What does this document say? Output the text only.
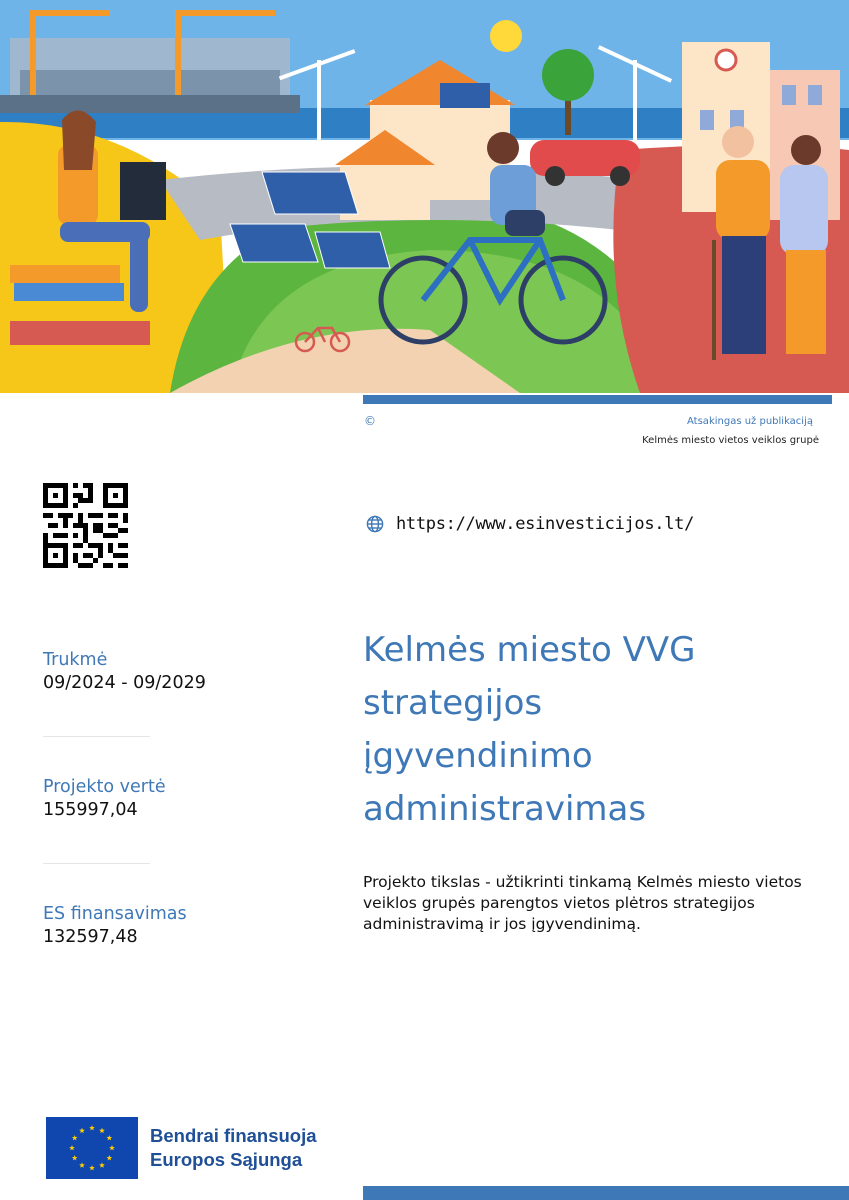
©	Atsakingas už publikaciją
Kelmės miesto vietos veiklos grupė
https://www.esinvesticijos.lt/
Kelmės miesto VVG
strategijos
įgyvendinimo
administravimas
Projekto tikslas - užtikrinti tinkamą Kelmės miesto vietos veiklos grupės parengtos vietos plėtros strategijos administravimą ir jos įgyvendinimą.
Trukmė
09/2024 - 09/2029
Projekto vertė
155997,04
ES finansavimas
132597,48
Bendrai finansuoja
Europos Sąjunga
